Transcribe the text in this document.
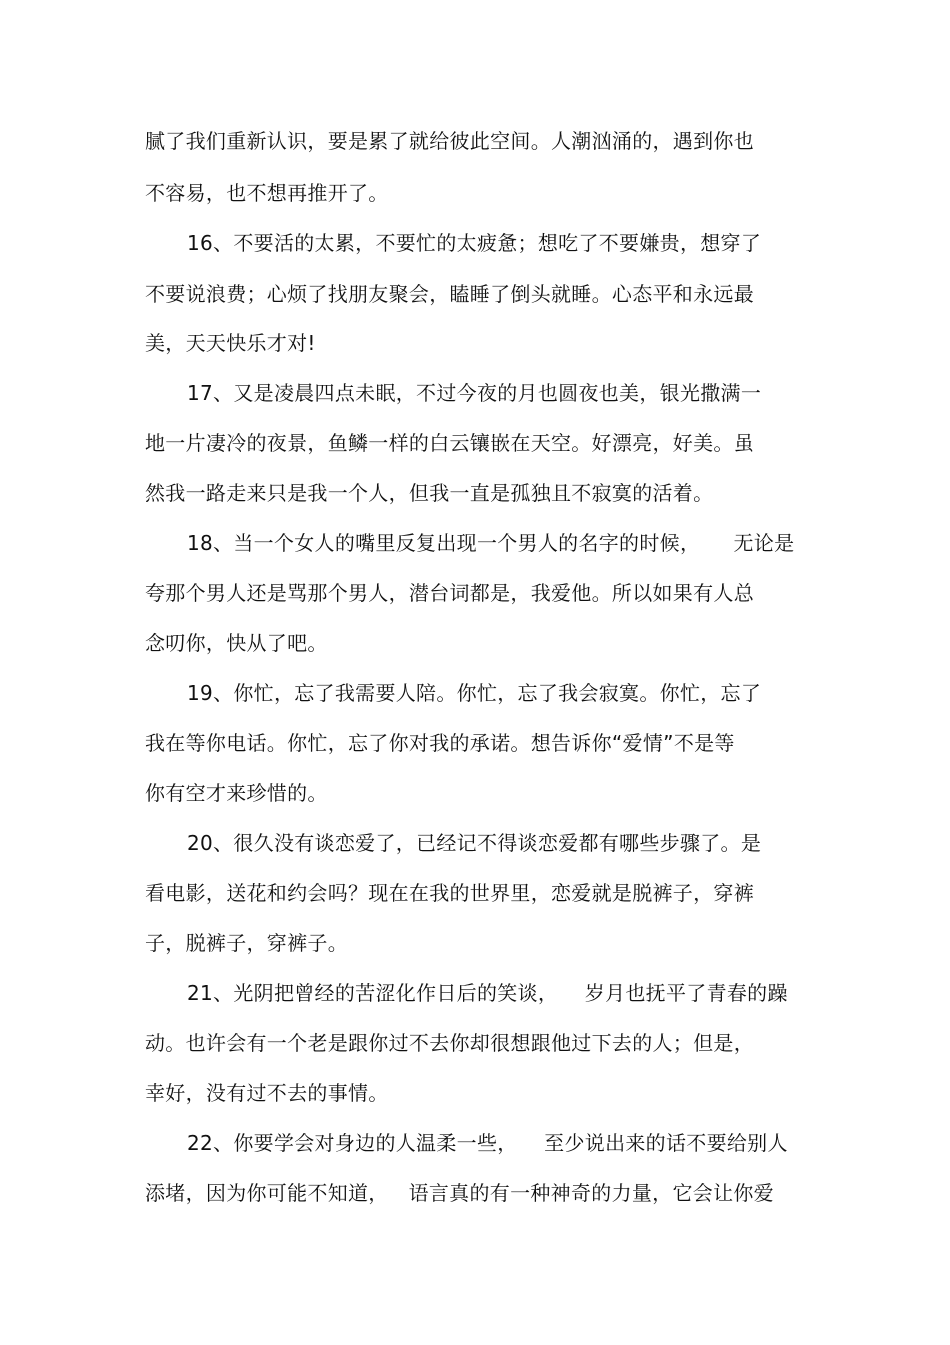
腻了我们重新认识，要是累了就给彼此空间。人潮汹涌的，遇到你也
不容易，也不想再推开了。
16、不要活的太累，不要忙的太疲惫；想吃了不要嫌贵，想穿了
不要说浪费；心烦了找朋友聚会，瞌睡了倒头就睡。心态平和永远最
美，天天快乐才对!
17、又是凌晨四点未眠，不过今夜的月也圆夜也美，银光撒满一
地一片凄冷的夜景，鱼鳞一样的白云镶嵌在天空。好漂亮，好美。虽
然我一路走来只是我一个人，但我一直是孤独且不寂寞的活着。
18、当一个女人的嘴里反复出现一个男人的名字的时候，     无论是
夸那个男人还是骂那个男人，潜台词都是，我爱他。所以如果有人总
念叨你，快从了吧。
19、你忙，忘了我需要人陪。你忙，忘了我会寂寞。你忙，忘了
我在等你电话。你忙，忘了你对我的承诺。想告诉你“爱情”不是等
你有空才来珍惜的。
20、很久没有谈恋爱了，已经记不得谈恋爱都有哪些步骤了。是
看电影，送花和约会吗？现在在我的世界里，恋爱就是脱裤子，穿裤
子，脱裤子，穿裤子。
21、光阴把曾经的苦涩化作日后的笑谈，    岁月也抚平了青春的躁
动。也许会有一个老是跟你过不去你却很想跟他过下去的人；但是，
幸好，没有过不去的事情。
22、你要学会对身边的人温柔一些，    至少说出来的话不要给别人
添堵，因为你可能不知道，   语言真的有一种神奇的力量，它会让你爱
